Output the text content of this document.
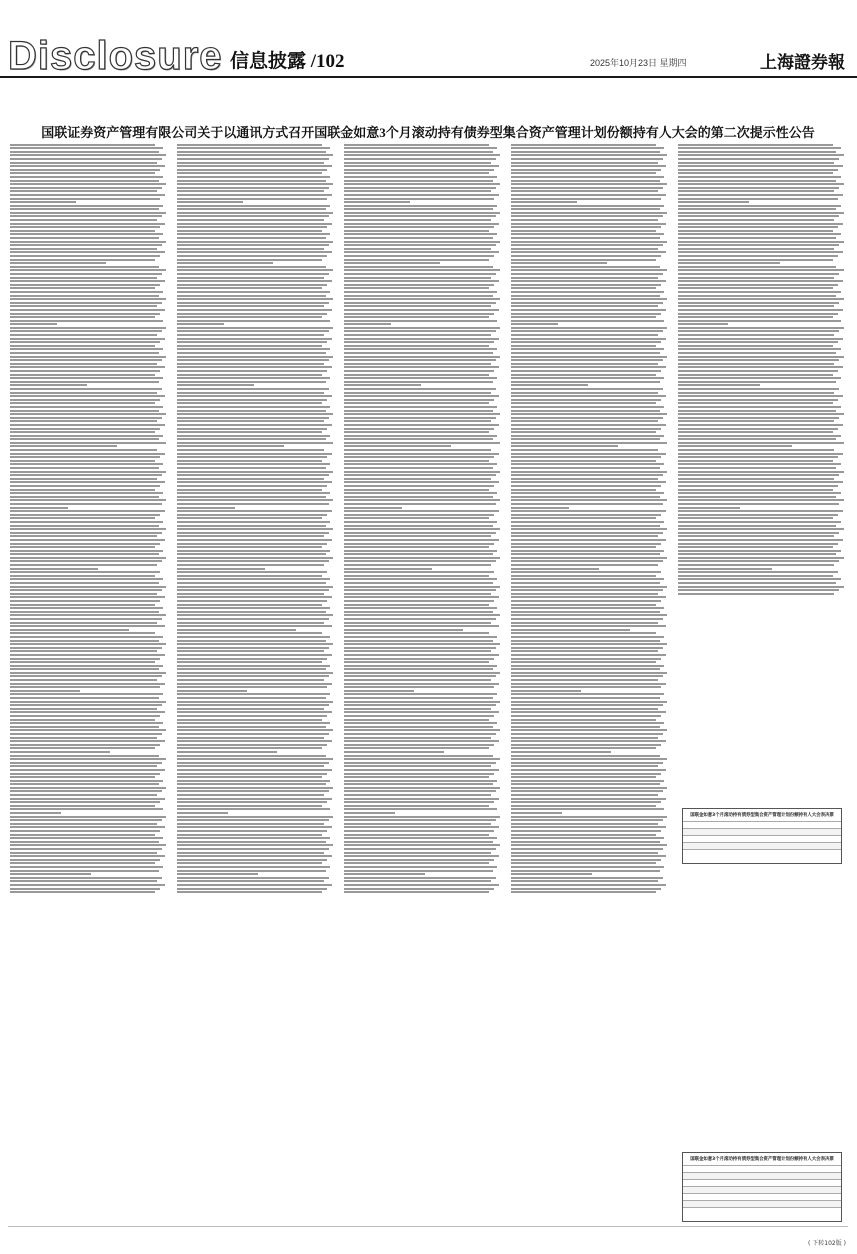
Disclosure 信息披露 /102	2025年10月23日 星期四	上海證券報
国联证券资产管理有限公司关于以通讯方式召开国联金如意3个月滚动持有债券型集合资产管理计划份额持有人大会的第二次提示性公告
国联金如意3个月滚动持有债券型集合资产管理计划份额持有人大会表决票
国联金如意3个月滚动持有债券型集合资产管理计划份额持有人大会表决票
( 下转102版 )
